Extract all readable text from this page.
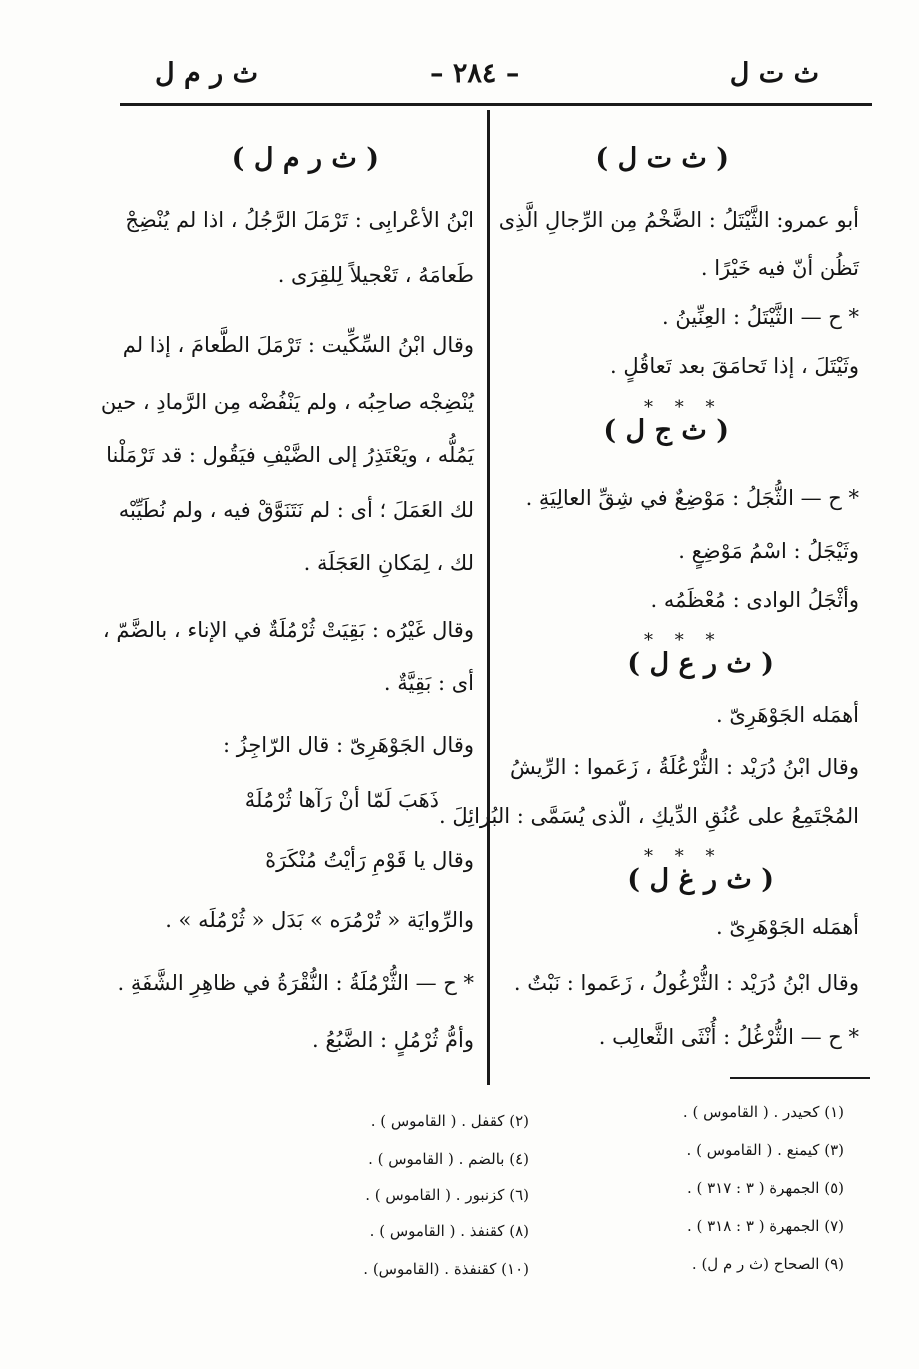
ث ت ل
– ٢٨٤ –
ث ر م ل
( ث ت ل )
أبو عمرو: الثَّيْتَلُ : الضَّخْمُ مِن الرِّجالِ الَّذِى
تَظُن أنّ فيه خَيْرًا .
* ح — الثَّيْتَلُ : العِنِّينُ .
وثَيْتَلَ ، إذا تَحامَقَ بعد تَعاقُلٍ .
* * *
( ث ج ل )
* ح — الثُّجَلُ : مَوْضِعٌ في شِقِّ العالِيَةِ .
وثَيْجَلُ : اسْمُ مَوْضِعٍ .
وأثْجَلُ الوادى : مُعْظَمُه .
* * *
( ث ر ع ل )
أهمَله الجَوْهَرِىّ .
وقال ابْنُ دُرَيْد : الثُّرْعُلَةُ ، زَعَموا : الرِّيشُ
المُجْتَمِعُ على عُنُقِ الدِّيكِ ، الّذى يُسَمَّى : البُرائِلَ .
* * *
( ث ر غ ل )
أهمَله الجَوْهَرِىّ .
وقال ابْنُ دُرَيْد : الثُّرْغُولُ ، زَعَموا : نَبْتٌ .
* ح — الثُّرْغُلُ : أُنْثَى الثَّعالِب .
( ث ر م ل )
ابْنُ الأعْرابِى : تَرْمَلَ الرَّجُلُ ، اذا لم يُنْضِجْ
طَعامَهُ ، تَعْجيلاً لِلقِرَى .
وقال ابْنُ السِّكِّيت : تَرْمَلَ الطَّعامَ ، إذا لم
يُنْضِجْه صاحِبُه ، ولم يَنْفُضْه مِن الرَّمادِ ، حين
يَمُلُّه ، ويَعْتَذِرُ إلى الضَّيْفِ فيَقُول : قد تَرْمَلْنا
لك العَمَلَ ؛ أى : لم نَتَنَوَّقْ فيه ، ولم نُطَيِّبْه
لك ، لِمَكانِ العَجَلَة .
وقال غَيْرُه : بَقِيَتْ ثُرْمُلَةٌ في الإناء ، بالضَّمّ ،
أى : بَقِيَّةٌ .
وقال الجَوْهَرِىّ : قال الرّاجِزُ :
ذَهَبَ لَمّا أنْ رَآها ثُرْمُلَهْ
وقال يا قَوْمِ رَأيْتُ مُنْكَرَهْ
والرِّوايَة « تُرْمُرَه » بَدَل « ثُرْمُلَه » .
* ح — الثُّرْمُلَةُ : النُّقْرَةُ في ظاهِرِ الشَّفَةِ .
وأمُّ ثُرْمُلٍ : الضَّبُعُ .
(١) كحيدر . ( القاموس ) .
(٣) كيمنع . ( القاموس ) .
(٥) الجمهرة ( ٣ : ٣١٧ ) .
(٧) الجمهرة ( ٣ : ٣١٨ ) .
(٩) الصحاح (ث ر م ل) .
(٢) كقفل . ( القاموس ) .
(٤) بالضم . ( القاموس ) .
(٦) كزنبور . ( القاموس ) .
(٨) كقنفذ . ( القاموس ) .
(١٠) كقنفذة . (القاموس) .
